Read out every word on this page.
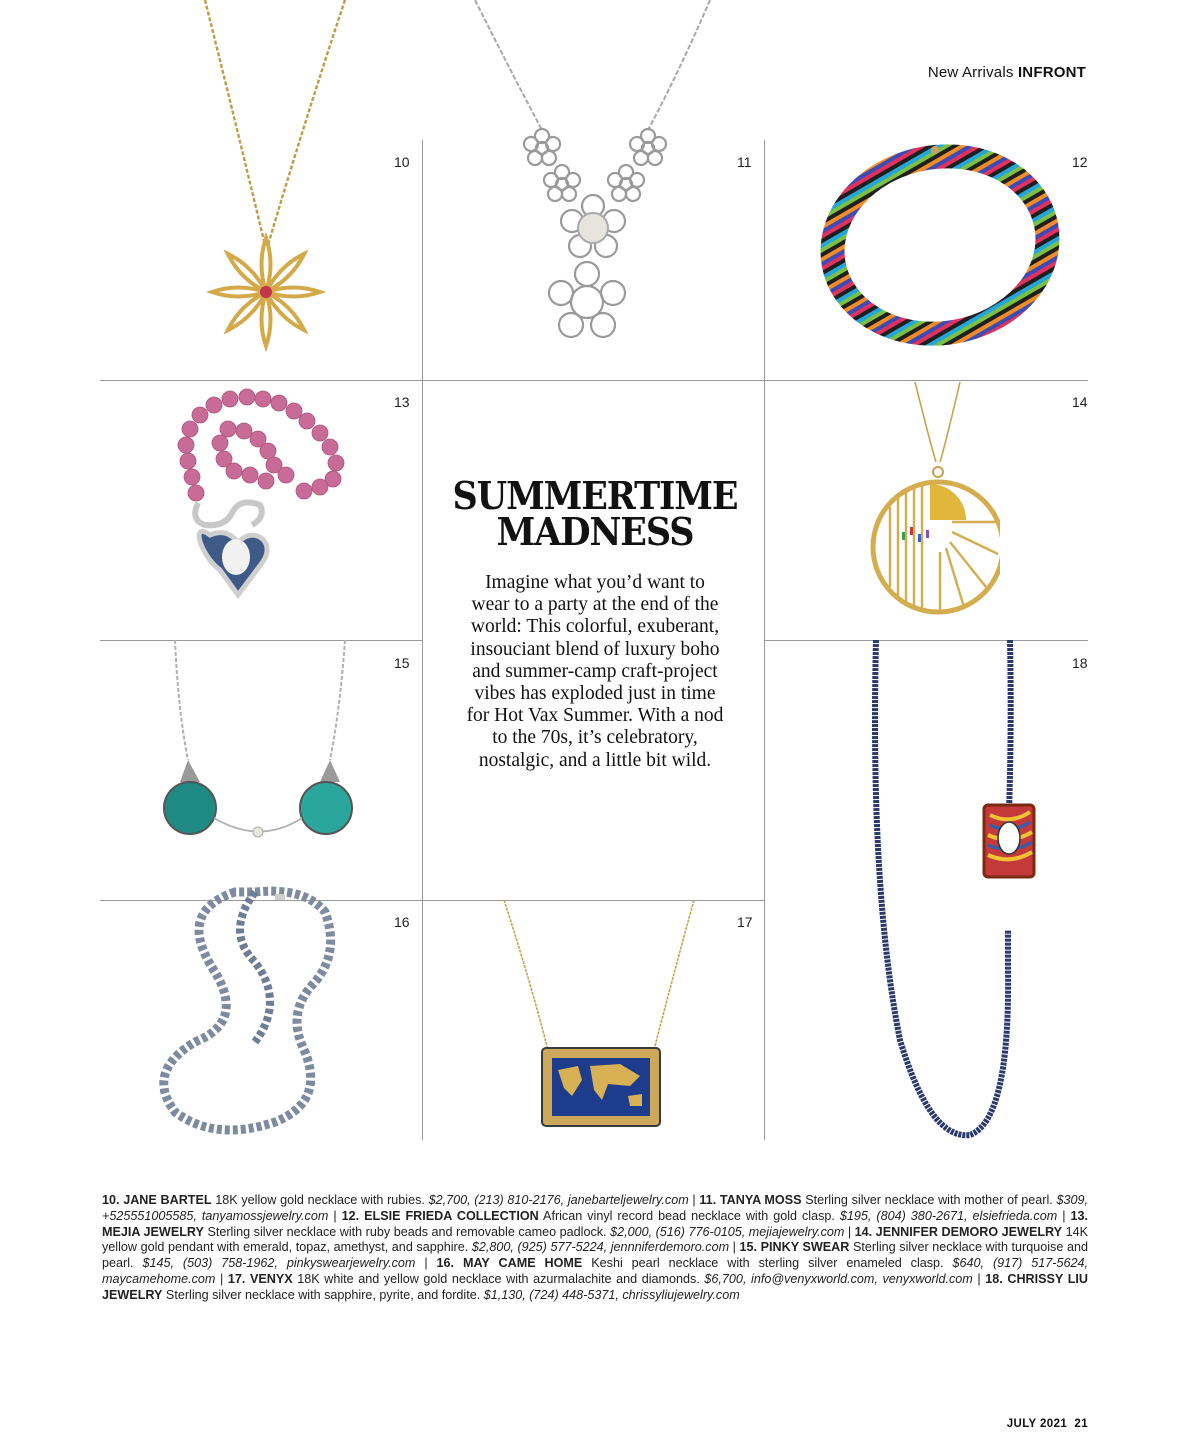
New Arrivals INFRONT
10	11	12
13	14
15	18
16	17
SUMMERTIME
MADNESS

Imagine what you’d want to wear to a party at the end of the world: This colorful, exuberant, insouciant blend of luxury boho and summer-camp craft-project vibes has exploded just in time for Hot Vax Summer. With a nod to the 70s, it’s celebratory, nostalgic, and a little bit wild.

10. JANE BARTEL 18K yellow gold necklace with rubies. $2,700, (213) 810-2176, janebarteljewelry.com | 11. TANYA MOSS Sterling silver necklace with mother of pearl. $309, +525551005585, tanyamossjewelry.com | 12. ELSIE FRIEDA COLLECTION African vinyl record bead necklace with gold clasp. $195, (804) 380-2671, elsiefrieda.com | 13. MEJIA JEWELRY Sterling silver necklace with ruby beads and removable cameo padlock. $2,000, (516) 776-0105, mejiajewelry.com | 14. JENNIFER DEMORO JEWELRY 14K yellow gold pendant with emerald, topaz, amethyst, and sapphire. $2,800, (925) 577-5224, jennniferdemoro.com | 15. PINKY SWEAR Sterling silver necklace with turquoise and pearl. $145, (503) 758-1962, pinkyswearjewelry.com | 16. MAY CAME HOME Keshi pearl necklace with sterling silver enameled clasp. $640, (917) 517-5624, maycamehome.com | 17. VENYX 18K white and yellow gold necklace with azurmalachite and diamonds. $6,700, info@venyxworld.com, venyxworld.com | 18. CHRISSY LIU JEWELRY Sterling silver necklace with sapphire, pyrite, and fordite. $1,130, (724) 448-5371, chrissyliujewelry.com
JULY 2021 21
